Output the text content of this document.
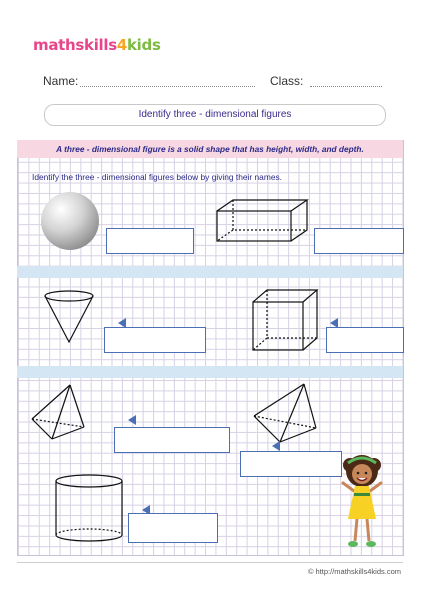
mathskills4kids
Name:	Class:
Identify three - dimensional figures
A three - dimensional figure is a solid shape that has height, width, and depth.
Identify the three - dimensional figures below by giving their names.
© http://mathskills4kids.com
